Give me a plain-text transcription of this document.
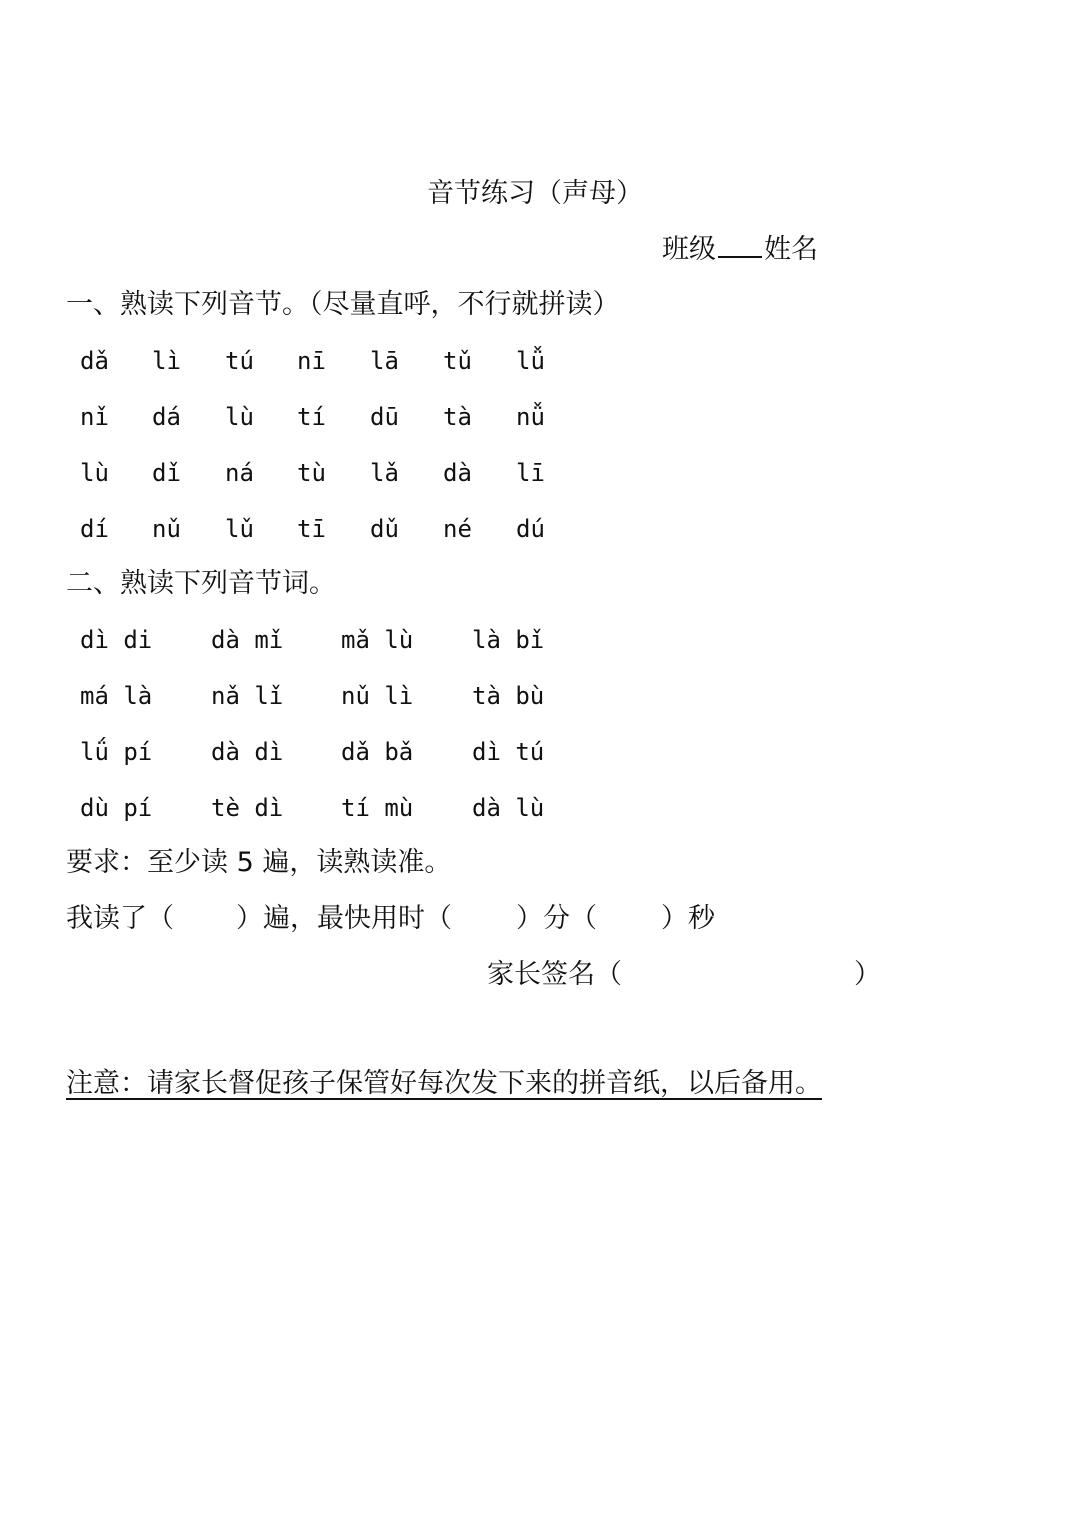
音节练习（声母）
班级 姓名
一、熟读下列音节。（尽量直呼，不行就拼读）
dǎ lì tú nī lā tǔ lǚ
nǐ dá lù tí dū tà nǚ
lù dǐ ná tù lǎ dà lī
dí nǔ lǔ tī dǔ né dú
二、熟读下列音节词。
dì di dà mǐ mǎ lù là bǐ
má là nǎ lǐ nǔ lì tà bù
lǘ pí dà dì dǎ bǎ dì tú
dù pí tè dì tí mù dà lù
要求：至少读 5 遍，读熟读准。
我读了（ ）遍，最快用时（ ）分（ ）秒
家长签名（	）
注意：请家长督促孩子保管好每次发下来的拼音纸，以后备用。
